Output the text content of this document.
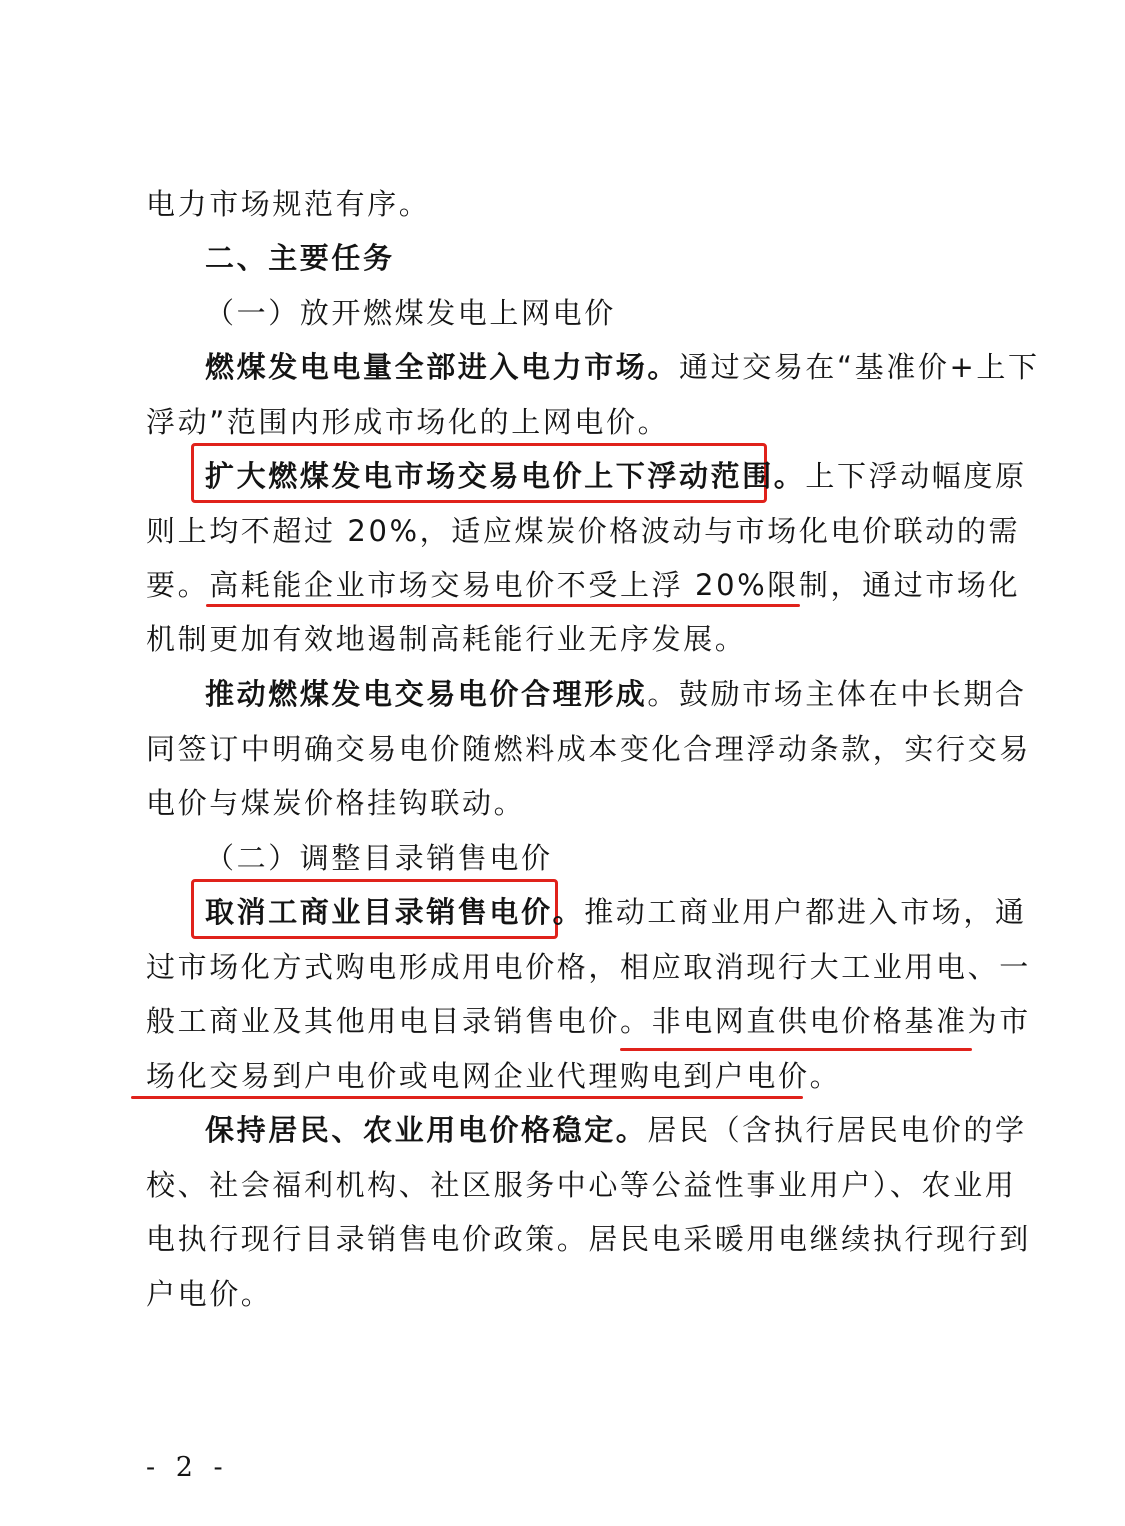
电力市场规范有序。
二、主要任务
（一）放开燃煤发电上网电价
燃煤发电电量全部进入电力市场。通过交易在“基准价+上下
浮动”范围内形成市场化的上网电价。
扩大燃煤发电市场交易电价上下浮动范围。上下浮动幅度原
则上均不超过 20%，适应煤炭价格波动与市场化电价联动的需
要。高耗能企业市场交易电价不受上浮 20%限制，通过市场化
机制更加有效地遏制高耗能行业无序发展。
推动燃煤发电交易电价合理形成。鼓励市场主体在中长期合
同签订中明确交易电价随燃料成本变化合理浮动条款，实行交易
电价与煤炭价格挂钩联动。
（二）调整目录销售电价
取消工商业目录销售电价。推动工商业用户都进入市场，通
过市场化方式购电形成用电价格，相应取消现行大工业用电、一
般工商业及其他用电目录销售电价。非电网直供电价格基准为市
场化交易到户电价或电网企业代理购电到户电价。
保持居民、农业用电价格稳定。居民（含执行居民电价的学
校、社会福利机构、社区服务中心等公益性事业用户）、农业用
电执行现行目录销售电价政策。居民电采暖用电继续执行现行到
户电价。
- 2 -
